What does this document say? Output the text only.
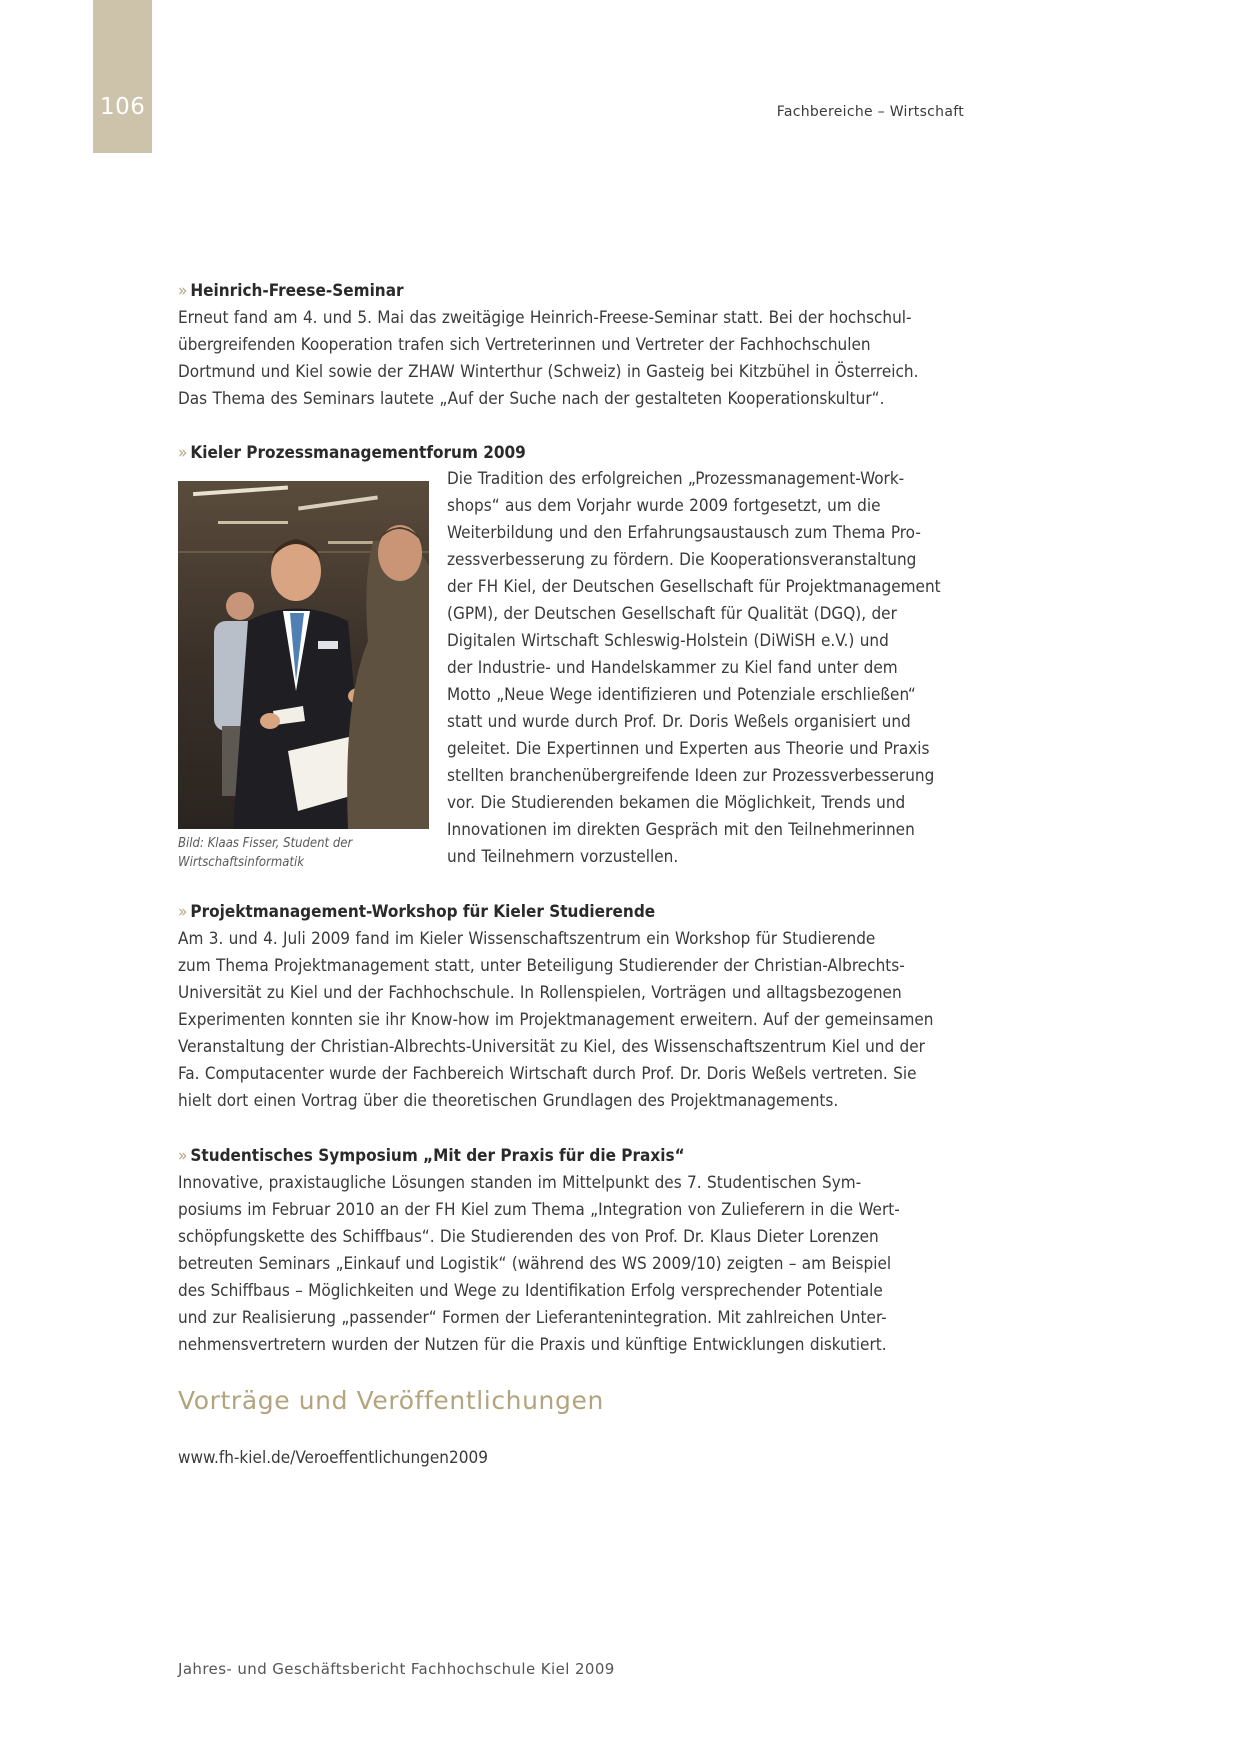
106	Fachbereiche – Wirtschaft
» Heinrich-Freese-Seminar

Erneut fand am 4. und 5. Mai das zweitägige Heinrich-Freese-Seminar statt. Bei der hochschul-
übergreifenden Kooperation trafen sich Vertreterinnen und Vertreter der Fachhochschulen
Dortmund und Kiel sowie der ZHAW Winterthur (Schweiz) in Gasteig bei Kitzbühel in Österreich.
Das Thema des Seminars lautete „Auf der Suche nach der gestalteten Kooperationskultur“.

» Kieler Prozessmanagementforum 2009
Bild: Klaas Fisser, Student der
Wirtschaftsinformatik

Die Tradition des erfolgreichen „Prozessmanagement-Work-
shops“ aus dem Vorjahr wurde 2009 fortgesetzt, um die
Weiterbildung und den Erfahrungsaustausch zum Thema Pro-
zessverbesserung zu fördern. Die Kooperationsveranstaltung
der FH Kiel, der Deutschen Gesellschaft für Projektmanagement
(GPM), der Deutschen Gesellschaft für Qualität (DGQ), der
Digitalen Wirtschaft Schleswig-Holstein (DiWiSH e.V.) und
der Industrie- und Handelskammer zu Kiel fand unter dem
Motto „Neue Wege identifizieren und Potenziale erschließen“
statt und wurde durch Prof. Dr. Doris Weßels organisiert und
geleitet. Die Expertinnen und Experten aus Theorie und Praxis
stellten branchenübergreifende Ideen zur Prozessverbesserung
vor. Die Studierenden bekamen die Möglichkeit, Trends und
Innovationen im direkten Gespräch mit den Teilnehmerinnen
und Teilnehmern vorzustellen.

» Projektmanagement-Workshop für Kieler Studierende

Am 3. und 4. Juli 2009 fand im Kieler Wissenschaftszentrum ein Workshop für Studierende
zum Thema Projektmanagement statt, unter Beteiligung Studierender der Christian-Albrechts-
Universität zu Kiel und der Fachhochschule. In Rollenspielen, Vorträgen und alltagsbezogenen
Experimenten konnten sie ihr Know-how im Projektmanagement erweitern. Auf der gemeinsamen
Veranstaltung der Christian-Albrechts-Universität zu Kiel, des Wissenschaftszentrum Kiel und der
Fa. Computacenter wurde der Fachbereich Wirtschaft durch Prof. Dr. Doris Weßels vertreten. Sie
hielt dort einen Vortrag über die theoretischen Grundlagen des Projektmanagements.

» Studentisches Symposium „Mit der Praxis für die Praxis“

Innovative, praxistaugliche Lösungen standen im Mittelpunkt des 7. Studentischen Sym-
posiums im Februar 2010 an der FH Kiel zum Thema „Integration von Zulieferern in die Wert-
schöpfungskette des Schiffbaus“. Die Studierenden des von Prof. Dr. Klaus Dieter Lorenzen
betreuten Seminars „Einkauf und Logistik“ (während des WS 2009/10) zeigten – am Beispiel
des Schiffbaus – Möglichkeiten und Wege zu Identifikation Erfolg versprechender Potentiale
und zur Realisierung „passender“ Formen der Lieferantenintegration. Mit zahlreichen Unter-
nehmensvertretern wurden der Nutzen für die Praxis und künftige Entwicklungen diskutiert.

Vorträge und Veröffentlichungen
www.fh-kiel.de/Veroeffentlichungen2009
Jahres- und Geschäftsbericht Fachhochschule Kiel 2009
